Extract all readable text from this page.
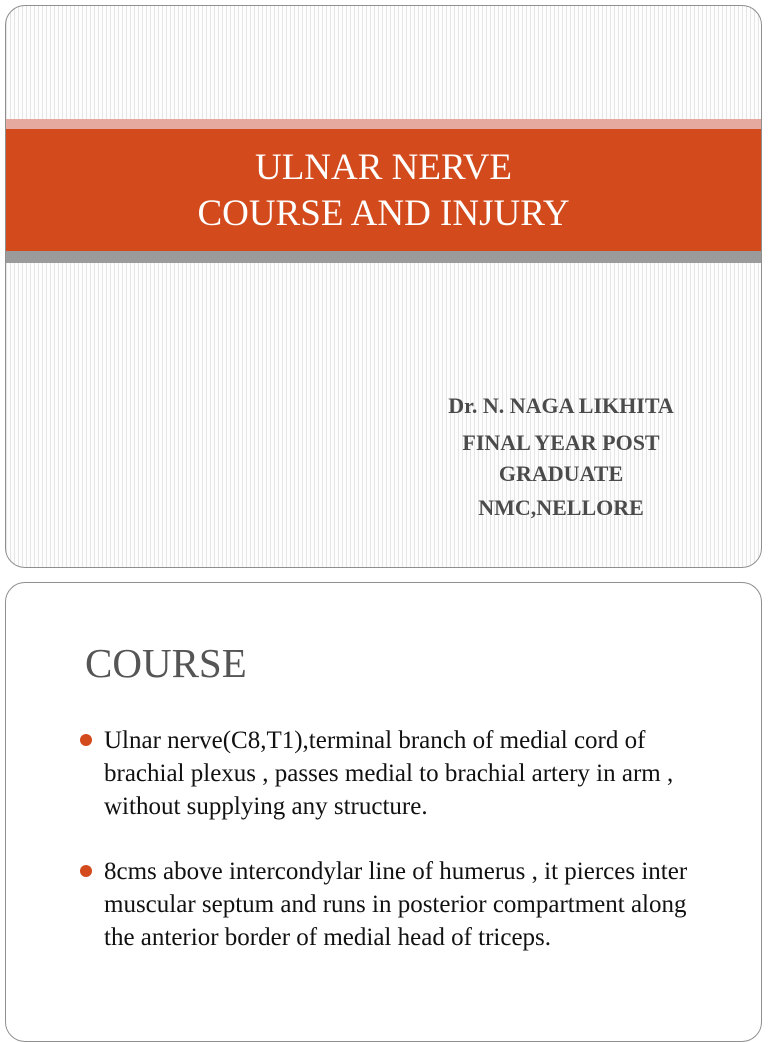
ULNAR NERVE
COURSE AND INJURY
Dr. N. NAGA LIKHITA
FINAL YEAR POST
GRADUATE
NMC,NELLORE
COURSE
Ulnar nerve(C8,T1),terminal branch of medial cord of brachial plexus , passes medial to brachial artery in arm , without supplying any structure.
8cms above intercondylar line of humerus , it pierces inter muscular septum and runs in posterior compartment along the anterior border of medial head of triceps.
